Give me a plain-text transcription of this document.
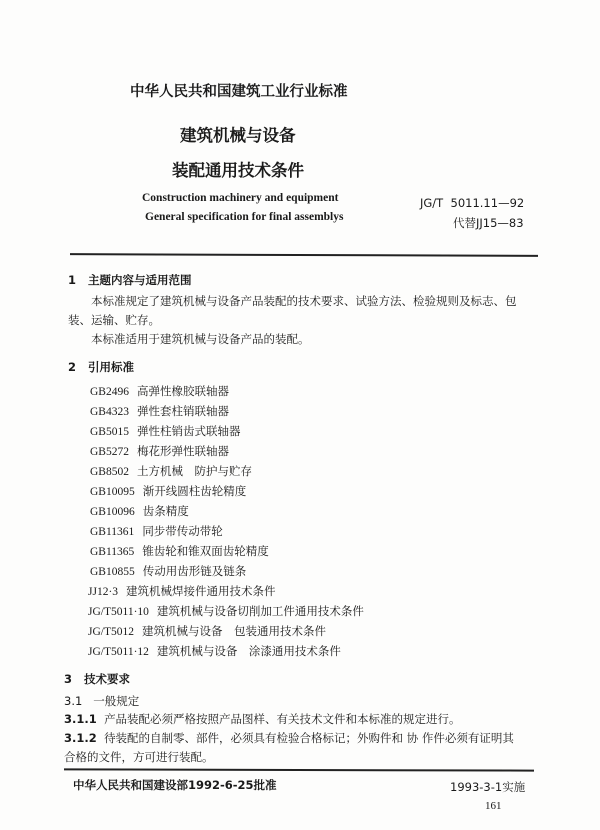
中华人民共和国建筑工业行业标准
建筑机械与设备
装配通用技术条件
Construction machinery and equipment
General specification for final assemblys
JG/T  5011.11—92
代替JJ15—83
1   主题内容与适用范围
本标准规定了建筑机械与设备产品装配的技术要求、试验方法、检验规则及标志、包
装、运输、贮存。
本标准适用于建筑机械与设备产品的装配。
2   引用标准
GB2496 高弹性橡胶联轴器
GB4323 弹性套柱销联轴器
GB5015 弹性柱销齿式联轴器
GB5272 梅花形弹性联轴器
GB8502 土方机械　防护与贮存
GB10095 渐开线圆柱齿轮精度
GB10096 齿条精度
GB11361 同步带传动带轮
GB11365 锥齿轮和锥双面齿轮精度
GB10855 传动用齿形链及链条
JJ12·3 建筑机械焊接件通用技术条件
JG/T5011·10 建筑机械与设备切削加工件通用技术条件
JG/T5012 建筑机械与设备　包装通用技术条件
JG/T5011·12 建筑机械与设备　涂漆通用技术条件
3   技术要求
3.1   一般规定
3.1.1 产品装配必须严格按照产品图样、有关技术文件和本标准的规定进行。
3.1.2 待装配的自制零、部件，必须具有检验合格标记；外购件和 协 作件必须有证明其
合格的文件，方可进行装配。
中华人民共和国建设部1992-6-25批准	1993-3-1实施
161
